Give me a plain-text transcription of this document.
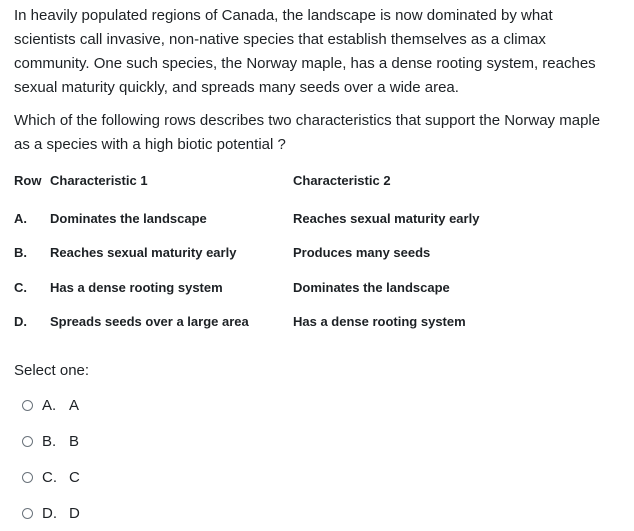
In heavily populated regions of Canada, the landscape is now dominated by what scientists call invasive, non-native species that establish themselves as a climax community. One such species, the Norway maple, has a dense rooting system, reaches sexual maturity quickly, and spreads many seeds over a wide area.

Which of the following rows describes two characteristics that support the Norway maple as a species with a high biotic potential ?

Row	Characteristic 1	Characteristic 2

A.	Dominates the landscape	Reaches sexual maturity early
B.	Reaches sexual maturity early	Produces many seeds
C.	Has a dense rooting system	Dominates the landscape
D.	Spreads seeds over a large area	Has a dense rooting system
Select one:
A. A
B. B
C. C
D. D
